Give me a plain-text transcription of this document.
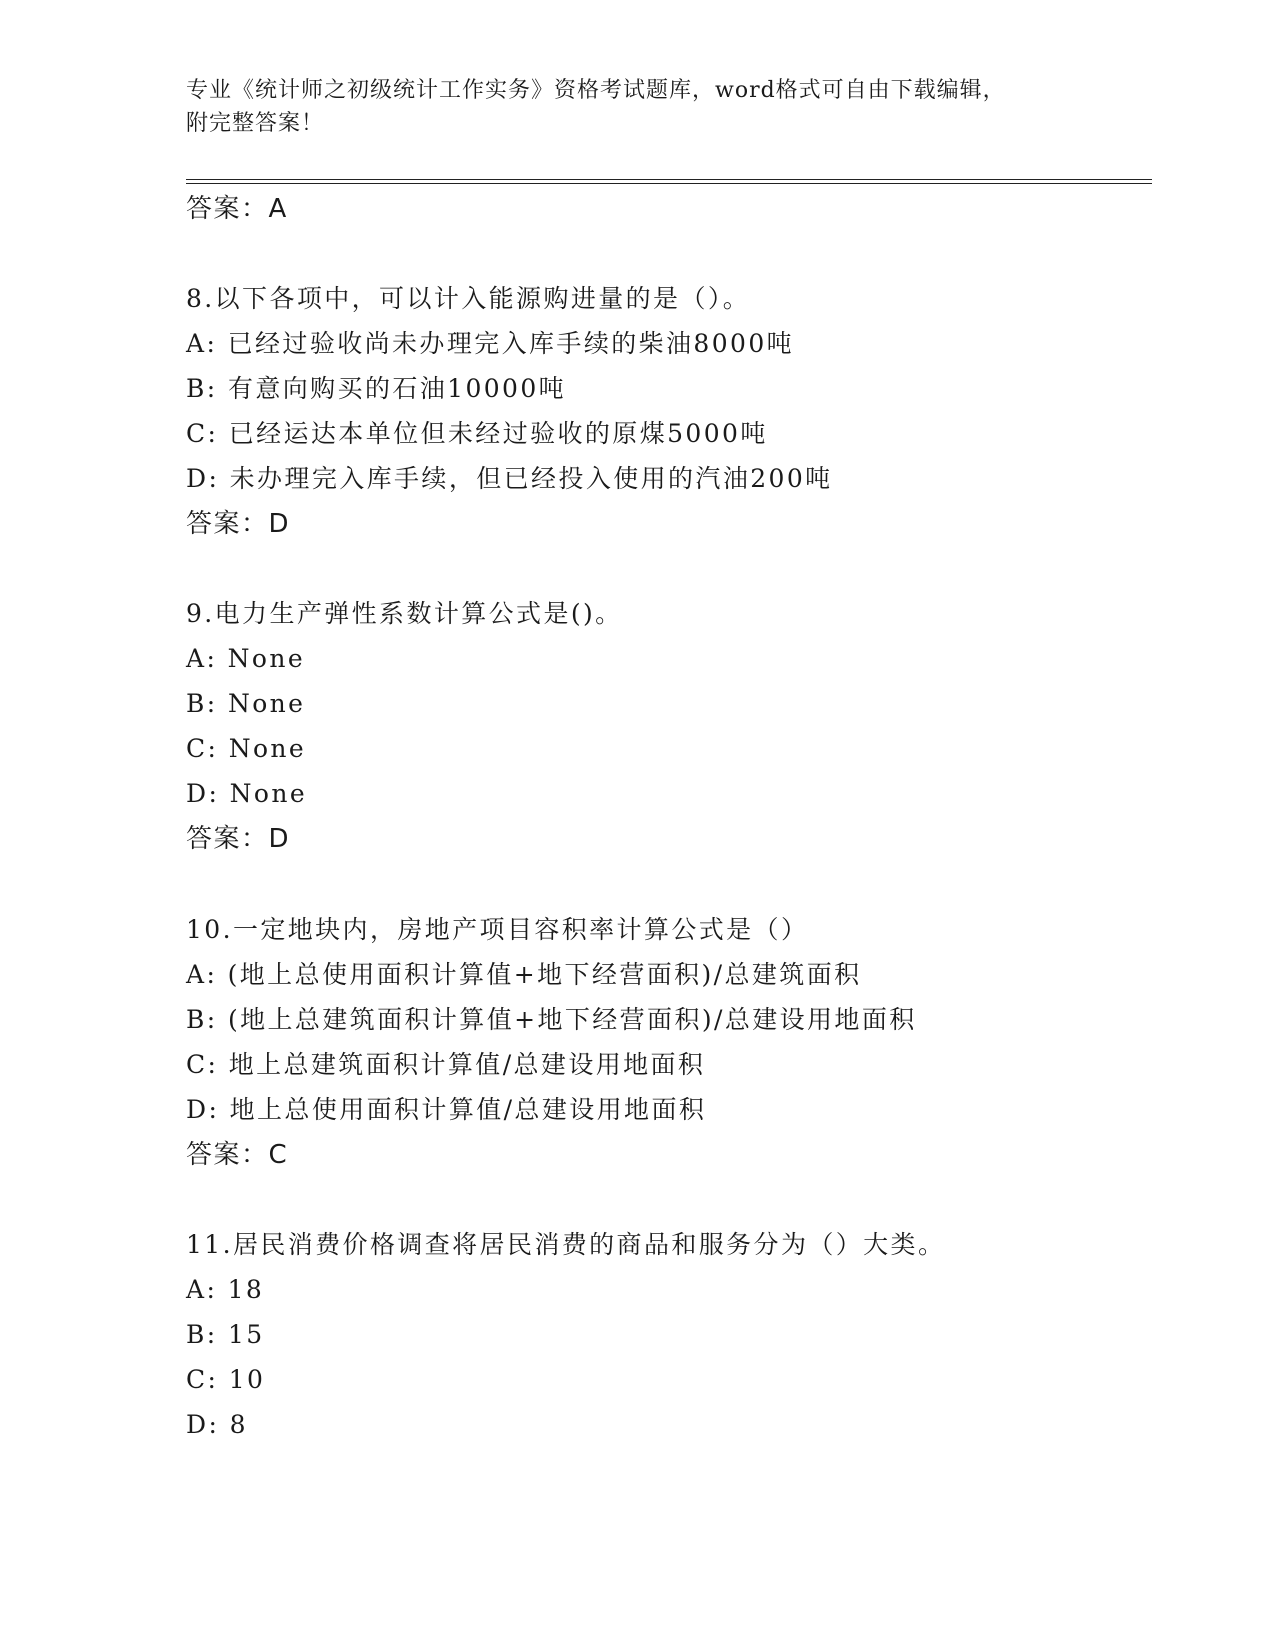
专业《统计师之初级统计工作实务》资格考试题库，word格式可自由下载编辑，
附完整答案！
答案：A
8.以下各项中，可以计入能源购进量的是（）。
A: 已经过验收尚未办理完入库手续的柴油8000吨
B: 有意向购买的石油10000吨
C: 已经运达本单位但未经过验收的原煤5000吨
D: 未办理完入库手续，但已经投入使用的汽油200吨
答案：D
9.电力生产弹性系数计算公式是()。
A: None
B: None
C: None
D: None
答案：D
10.一定地块内，房地产项目容积率计算公式是（）
A: (地上总使用面积计算值+地下经营面积)/总建筑面积
B: (地上总建筑面积计算值+地下经营面积)/总建设用地面积
C: 地上总建筑面积计算值/总建设用地面积
D: 地上总使用面积计算值/总建设用地面积
答案：C
11.居民消费价格调查将居民消费的商品和服务分为（）大类。
A: 18
B: 15
C: 10
D: 8
